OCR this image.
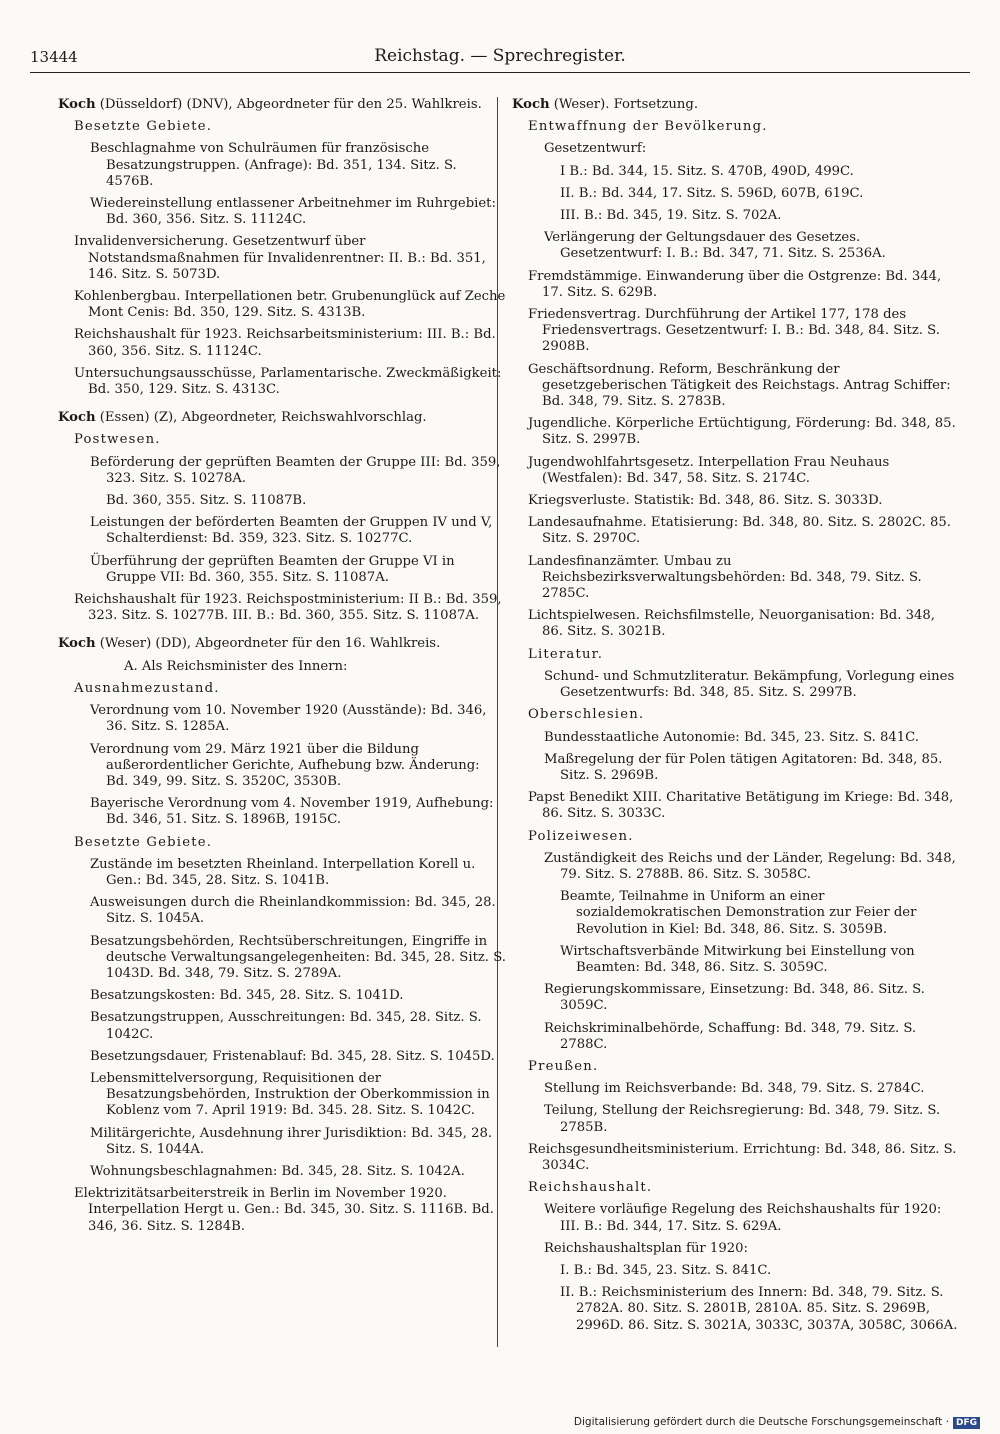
13444	Reichstag. — Sprechregister.
Koch (Düsseldorf) (DNV), Abgeordneter für den 25. Wahlkreis.
Besetzte Gebiete.
Beschlagnahme von Schulräumen für französische Besatzungstruppen. (Anfrage): Bd. 351, 134. Sitz. S. 4576B.
Wiedereinstellung entlassener Arbeitnehmer im Ruhrgebiet: Bd. 360, 356. Sitz. S. 11124C.
Invalidenversicherung. Gesetzentwurf über Notstandsmaßnahmen für Invalidenrentner: II. B.: Bd. 351, 146. Sitz. S. 5073D.
Kohlenbergbau. Interpellationen betr. Grubenunglück auf Zeche Mont Cenis: Bd. 350, 129. Sitz. S. 4313B.
Reichshaushalt für 1923. Reichsarbeitsministerium: III. B.: Bd. 360, 356. Sitz. S. 11124C.
Untersuchungsausschüsse, Parlamentarische. Zweckmäßigkeit: Bd. 350, 129. Sitz. S. 4313C.
Koch (Essen) (Z), Abgeordneter, Reichswahlvorschlag.
Postwesen.
Beförderung der geprüften Beamten der Gruppe III: Bd. 359, 323. Sitz. S. 10278A.
Bd. 360, 355. Sitz. S. 11087B.
Leistungen der beförderten Beamten der Gruppen IV und V, Schalterdienst: Bd. 359, 323. Sitz. S. 10277C.
Überführung der geprüften Beamten der Gruppe VI in Gruppe VII: Bd. 360, 355. Sitz. S. 11087A.
Reichshaushalt für 1923. Reichspostministerium: II B.: Bd. 359, 323. Sitz. S. 10277B. III. B.: Bd. 360, 355. Sitz. S. 11087A.
Koch (Weser) (DD), Abgeordneter für den 16. Wahlkreis.
A. Als Reichsminister des Innern:
Ausnahmezustand.
Verordnung vom 10. November 1920 (Ausstände): Bd. 346, 36. Sitz. S. 1285A.
Verordnung vom 29. März 1921 über die Bildung außerordentlicher Gerichte, Aufhebung bzw. Änderung: Bd. 349, 99. Sitz. S. 3520C, 3530B.
Bayerische Verordnung vom 4. November 1919, Aufhebung: Bd. 346, 51. Sitz. S. 1896B, 1915C.
Besetzte Gebiete.
Zustände im besetzten Rheinland. Interpellation Korell u. Gen.: Bd. 345, 28. Sitz. S. 1041B.
Ausweisungen durch die Rheinlandkommission: Bd. 345, 28. Sitz. S. 1045A.
Besatzungsbehörden, Rechtsüberschreitungen, Eingriffe in deutsche Verwaltungsangelegenheiten: Bd. 345, 28. Sitz. S. 1043D. Bd. 348, 79. Sitz. S. 2789A.
Besatzungskosten: Bd. 345, 28. Sitz. S. 1041D.
Besatzungstruppen, Ausschreitungen: Bd. 345, 28. Sitz. S. 1042C.
Besetzungsdauer, Fristenablauf: Bd. 345, 28. Sitz. S. 1045D.
Lebensmittelversorgung, Requisitionen der Besatzungsbehörden, Instruktion der Oberkommission in Koblenz vom 7. April 1919: Bd. 345. 28. Sitz. S. 1042C.
Militärgerichte, Ausdehnung ihrer Jurisdiktion: Bd. 345, 28. Sitz. S. 1044A.
Wohnungsbeschlagnahmen: Bd. 345, 28. Sitz. S. 1042A.
Elektrizitätsarbeiterstreik in Berlin im November 1920. Interpellation Hergt u. Gen.: Bd. 345, 30. Sitz. S. 1116B. Bd. 346, 36. Sitz. S. 1284B.
Koch (Weser). Fortsetzung.
Entwaffnung der Bevölkerung.
Gesetzentwurf:
I B.: Bd. 344, 15. Sitz. S. 470B, 490D, 499C.
II. B.: Bd. 344, 17. Sitz. S. 596D, 607B, 619C.
III. B.: Bd. 345, 19. Sitz. S. 702A.
Verlängerung der Geltungsdauer des Gesetzes. Gesetzentwurf: I. B.: Bd. 347, 71. Sitz. S. 2536A.
Fremdstämmige. Einwanderung über die Ostgrenze: Bd. 344, 17. Sitz. S. 629B.
Friedensvertrag. Durchführung der Artikel 177, 178 des Friedensvertrags. Gesetzentwurf: I. B.: Bd. 348, 84. Sitz. S. 2908B.
Geschäftsordnung. Reform, Beschränkung der gesetzgeberischen Tätigkeit des Reichstags. Antrag Schiffer: Bd. 348, 79. Sitz. S. 2783B.
Jugendliche. Körperliche Ertüchtigung, Förderung: Bd. 348, 85. Sitz. S. 2997B.
Jugendwohlfahrtsgesetz. Interpellation Frau Neuhaus (Westfalen): Bd. 347, 58. Sitz. S. 2174C.
Kriegsverluste. Statistik: Bd. 348, 86. Sitz. S. 3033D.
Landesaufnahme. Etatisierung: Bd. 348, 80. Sitz. S. 2802C. 85. Sitz. S. 2970C.
Landesfinanzämter. Umbau zu Reichsbezirksverwaltungsbehörden: Bd. 348, 79. Sitz. S. 2785C.
Lichtspielwesen. Reichsfilmstelle, Neuorganisation: Bd. 348, 86. Sitz. S. 3021B.
Literatur.
Schund- und Schmutzliteratur. Bekämpfung, Vorlegung eines Gesetzentwurfs: Bd. 348, 85. Sitz. S. 2997B.
Oberschlesien.
Bundesstaatliche Autonomie: Bd. 345, 23. Sitz. S. 841C.
Maßregelung der für Polen tätigen Agitatoren: Bd. 348, 85. Sitz. S. 2969B.
Papst Benedikt XIII. Charitative Betätigung im Kriege: Bd. 348, 86. Sitz. S. 3033C.
Polizeiwesen.
Zuständigkeit des Reichs und der Länder, Regelung: Bd. 348, 79. Sitz. S. 2788B. 86. Sitz. S. 3058C.
Beamte, Teilnahme in Uniform an einer sozialdemokratischen Demonstration zur Feier der Revolution in Kiel: Bd. 348, 86. Sitz. S. 3059B.
Wirtschaftsverbände Mitwirkung bei Einstellung von Beamten: Bd. 348, 86. Sitz. S. 3059C.
Regierungskommissare, Einsetzung: Bd. 348, 86. Sitz. S. 3059C.
Reichskriminalbehörde, Schaffung: Bd. 348, 79. Sitz. S. 2788C.
Preußen.
Stellung im Reichsverbande: Bd. 348, 79. Sitz. S. 2784C.
Teilung, Stellung der Reichsregierung: Bd. 348, 79. Sitz. S. 2785B.
Reichsgesundheitsministerium. Errichtung: Bd. 348, 86. Sitz. S. 3034C.
Reichshaushalt.
Weitere vorläufige Regelung des Reichshaushalts für 1920: III. B.: Bd. 344, 17. Sitz. S. 629A.
Reichshaushaltsplan für 1920:
I. B.: Bd. 345, 23. Sitz. S. 841C.
II. B.: Reichsministerium des Innern: Bd. 348, 79. Sitz. S. 2782A. 80. Sitz. S. 2801B, 2810A. 85. Sitz. S. 2969B, 2996D. 86. Sitz. S. 3021A, 3033C, 3037A, 3058C, 3066A.
Digitalisierung gefördert durch die Deutsche Forschungsgemeinschaft · DFG
